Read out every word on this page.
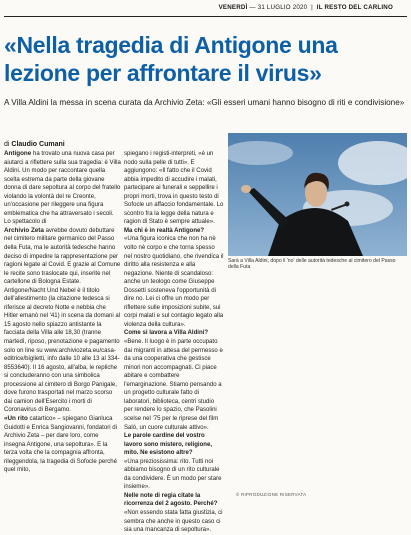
VENERDÌ — 31 LUGLIO 2020  |  IL RESTO DEL CARLINO
«Nella tragedia di Antigone una lezione per affrontare il virus»
A Villa Aldini la messa in scena curata da Archivio Zeta: «Gli esseri umani hanno bisogno di riti e condivisione»
di Claudio Cumani

Antigone ha trovato una nuova casa per aiutarci a riflettere sulla sua tragedia: è Villa Aldini. Un modo per raccontare quella scelta estrema da parte della giovane donna di dare sepoltura al corpo del fratello violando la volontà del re Creonte, un'occasione per rileggere una figura emblematica che ha attraversato i secoli. Lo spettacolo di

Archivio Zeta avrebbe dovuto debuttare nel cimitero militare germanico del Passo della Futa, ma le autorità tedesche hanno deciso di impedire la rappresentazione per ragioni legate al Covid. E grazie al Comune le recite sono traslocate qui, inserite nel cartellone di Bologna Estate.

Antigone/Nacht Und Nebel è il titolo dell'allestimento (la citazione tedesca si riferisce al decreto Notte e nebbia che Hitler emanò nel '41) in scena da domani al 15 agosto nello spiazzo antistante la facciata della Villa alle 18,30 (tranne martedì, riposo, prenotazione e pagamento solo on line su www.archiviozeta.eu/casa-editrice/biglietti, info dalle 10 alle 13 al 334-8553640). Il 16 agosto, all'alba, le repliche si concluderanno con una simbolica processione al cimitero di Borgo Panigale, dove furono trasportati nel marzo scorso dai camion dell'Esercito i morti di Coronavirus di Bergamo.

«Un rito catartico» – spiegano Gianluca Guidotti e Enrica Sangiovanni, fondatori di Archivio Zeta – per dare loro, come insegna Antigone, una sepoltura». E la terza volta che la compagnia affronta, rileggendola, la tragedia di Sofocle perché quel mito,

spiegano i registi-interpreti, «è un nodo sulla pelle di tutti». E aggiungono: «Il fatto che il Covid abbia impedito di accudire i malati, partecipare ai funerali e seppellire i propri morti, trova in questo testo di Sofocle un affaccio fondamentale. Lo scontro fra la legge della natura e ragion di Stato è sempre attuale».

Ma chi è in realtà Antigone?

«Una figura iconica che non ha nè volto nè corpo e che torna spesso nel nostro quotidiano, che rivendica il diritto alla resistenza e alla negazione. Niente di scandaloso: anche un teologo come Giuseppe Dossetti sosteneva l'opportunità di dire no. Lei ci offre un modo per riflettere sulle imposizioni subite, sui corpi malati e sul contagio legato alla violenza della cultura».

Come si lavora a Villa Aldini?

«Bene. Il luogo è in parte occupato dai migranti in attesa del permesso e da una cooperativa che gestisce minori non accompagnati. Ci piace abitare e combattere l'emarginazione. Stiamo pensando a un progetto culturale fatto di laboratori, biblioteca, centri studio per rendere lo spazio, che Pasolini scelse nel '75 per le riprese del film Salò, un cuore culturale attivo».

Le parole cardine del vostro lavoro sono mistero, religione, mito. Ne esistono altre?

«Una preziosissima: rito. Tutti noi abbiamo bisogno di un rito culturale da condividere. È un modo per stare insieme».

Nelle note di regia citate la ricorrenza del 2 agosto. Perché?

«Non essendo stata fatta giustizia, ci sembra che anche in questo caso ci sia una mancanza di sepoltura».

Sarà a Villa Aldini, dopo il 'no' delle autorità tedesche al cimitero del Passo della Futa
© RIPRODUZIONE RISERVATA
